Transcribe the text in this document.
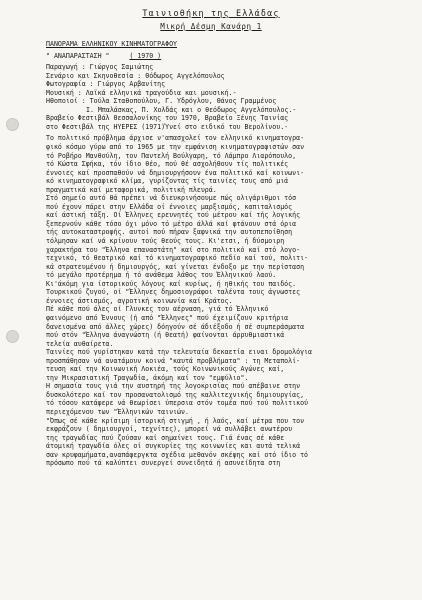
Ταινιοθήκη της Ελλάδας
Μικρή Δέσμη Κανάρη 1
ΠΑΝΟΡΑΜΑ ΕΛΛΗΝΙΚΟΥ ΚΙΝΗΜΑΤΟΓΡΑΦΟΥ
" ΑΝΑΠΑΡΑΣΤΑΣΗ "	( 1970 )
Παραγωγή : Γιώργος Σαμιώτης
Σενάριο και Σκηνοθεσία : Θόδωρος Αγγελόπουλος
Φωτογραφία : Γιώργος Αρβανίτης
Μουσική : Λαϊκά ελληνικά τραγούδια και μουσική.-
Ηθοποιοί : Τούλα Σταθοπούλου, Γ. Υδρόγλου, Θάνος Γραμμένος
Ι. Μπαλάσκας, Π. Χολδάς και ο θεόδωρος Αγγελόπουλος.-
Βραβείο Φεστιβάλ Θεσσαλονίκης του 1970, Βραβείο Ξένης Ταινίας
στο Φεστιβάλ της ΗΥΕΡΕΣ (1971)Ύνεί στο ειδικό του Βερολίνου.-
Το πολιτικό πρόβλημα άρχισε ν'απασχολεί τον ελληνικό κινηματογρα-
φικό κόσμο γύρω από το 1965 με την εμφάνιση κινηματογραφιστών σαν
τό Ροβήρο Μανθούλη, τον Παντελή Βούλγαρη, τό Λάμπρο Λιαρόπουλο,
τό Κώστα Σφήκα, τόν ίδιο θέο, πού θέ ασχολήθουν τίς πολιτικές
έννοιες καί προσπαθούν νά δημιουργήσουν ένα πολιτικό καί κοινωνι-
κό κινηματογραφικό κλίμα, γυρίζοντας τίς ταινίες τους από μιά
πραγματικά καί μεταφορικά, πολιτική πλευρά.
Στό σημείο αυτό θά πρέπει νά διευκρινήσουμε πώς ολιγάριθμοι τόσ
πού έχουν πάρει στην Ελλάδα οί έννοιες μαρξισμός, καπιταλισμός
καί άστική τάξη. Οί Έλληνες ερευνητές τού μέτρου καί τής λογικής
ξεπερνούν κάθε τόσο όχι μόνο τό μέτρο άλλά καί φτάνουν στά όρια
τής αυτοκαταστροφής. αυτοί πού πήραν ξαφνικά την αυτοπεποίθηση
τόλμησαν καί νά κρίνουν τούς θεούς τους. Κι'ετσι, ή δύσμοιρη
χαρακτήρα του "Έλληνα επαναστάτη" καί στο πολιτικό καί στό λογο-
τεχνικό, τό θεατρικό καί τό κινηματογραφικό πεδίο καί τού, πολιτι-
κά στρατευμένου ή δημιουργός, καί γίνεται ένδοξο με την περίσταση
τό μεγάλο προτέρημα ή τό ανάθεμα λάθος του Έλληνικού λαού.
Κι'άκόμη για ίστορικούς λόγους καί κυρίως, ή ηθικής του παιδός.
Τουρκικού ζυγού, οί "Έλληνες δημοσιογράφοι ταλέντα τους άγνωστες
έννοιες άστισμός, αγροτική κοινωνία καί Κράτος.
Πέ κάθε πού άλες οί Γλυνκες του αέρναση, γιά τό Έλληνικό
φαινόμενο από Έννους (ή από "Έλληνες" πού έχειμίζουν κριτήρια
δανεισμένα από άλλες χώρες) δόηγούν σέ άδιέξοδο ή σέ συμπεράσματα
πού στόν "Έλληνα άναγνώστη (ή θεατή) φαίνονται άρρυθμιαστικά
τελεία αυθαίρετα.
Ταινίες πού γυρίστηκαν κατά την τελευταία δεκαετία ειναι δρομολόγια
προσπάθησαν νά ανατάμουν κοινά "καυτά προβλήματα" : τη Μεταπολί-
τευση καί την Κοινωνική Λοκιέα, τούς Κοινωνικούς Αγώνες καί,
την Μικρασιατική Τραγωδία, άκόμη καί τον "εμφύλιο".
Η σημασία τους γιά την αυστηρή της λογοκρισίας πού απέβαινε στην
δυσκολότερο καί τον προσανατολισμό της καλλιτεχνικής δημιουργίας,
τό τόσου κατάφερε νά θεωρίσει ύπερσια στόν τομέα πού τού πολιτικού
περιεχόμενου των "Έλληνικών ταινιών.
"Όπως σέ κάθε κρίσιμη ίστορική στιγμή , ή λαός, καί μέτρα που τον
εκφράζουν ( δημιουργοί, τεχνίτες), μπορεί νά συλλάβει ανωτέρου
της τραγωδίας πού ζούσαν καί σημαίνει τους. Γιά ένας σέ κάθε
άτομική τραγωδία όλες οί συγκυρίες της κοινωνίες και αυτά τελικά
σαν κρυφαμήματα,αναπάφεργκτα σχέδια μεθανόν σκέψης καί οτό ίδιο τό
πρόσωπο πού τά καλύπτει συνεργεί συνειδητά ή ασυνείδητα στη
